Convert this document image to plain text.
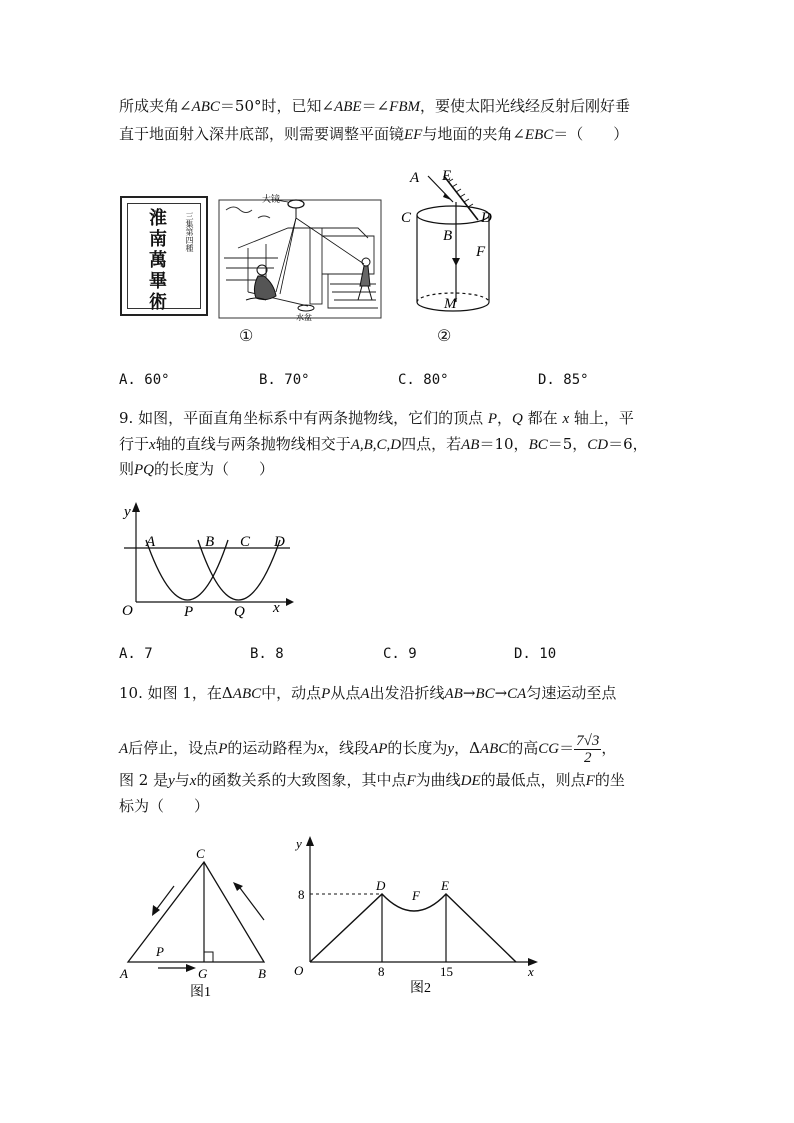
所成夹角∠ABC＝50°时，已知∠ABE＝∠FBM，要使太阳光线经反射后刚好垂
直于地面射入深井底部，则需要调整平面镜EF与地面的夹角∠EBC＝（　　）
淮
南
萬
畢
術
三集第四種
大镜
水盆
①
A E
C	D
B
F
M
②
A. 60°	B. 70°	C. 80°	D. 85°
9. 如图，平面直角坐标系中有两条抛物线，它们的顶点 P，Q 都在 x 轴上，平
行于x轴的直线与两条抛物线相交于A,B,C,D四点，若AB＝10，BC＝5，CD＝6，
则PQ的长度为（　　）
y
x
O
A	B C D
P	Q
A. 7	B. 8	C. 9	D. 10
10. 如图 1，在ΔABC中，动点P从点A出发沿折线AB→BC→CA匀速运动至点
A后停止，设点P的运动路程为x，线段AP的长度为y，ΔABC的高$CG= \frac{7√3}{2}$ ，
图 2 是y与x的函数关系的大致图象，其中点F为曲线DE的最低点，则点F的坐
标为（　　）
C
P
A	G	B
图1
y
x
O
8
8	15
D
F
E
图2
